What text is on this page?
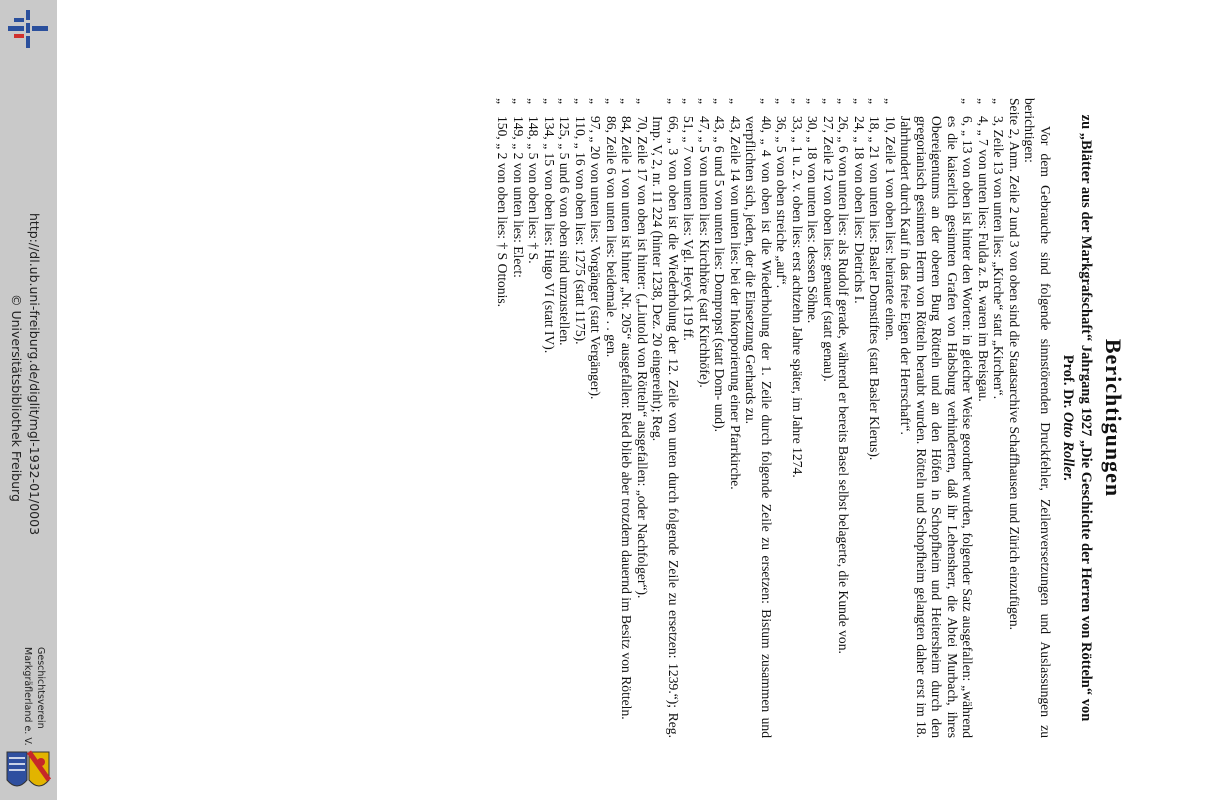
http://dl.ub.uni-freiburg.de/diglit/mgl-1932-01/0003
© Universitätsbibliothek Freiburg
Geschichtsverein
Markgräflerland e. V.
Berichtigungen
zu „Blätter aus der Markgrafschaft“ Jahrgang 1927 „Die Geschichte der Herren von Rötteln“ von Prof. Dr. Otto Roller.

Vor dem Gebrauche sind folgende sinnstörenden Druckfehler, Zeilenversetzungen und Auslassungen zu berichtigen:

Seite 2, Anm. Zeile 2 und 3 von oben sind die Staatsarchive Schaffhausen und Zürich einzufügen.

„
3, Zeile 13 von unten lies: „Kirche“ statt „Kirchen“.
„
4, „ 7 von unten lies: Fulda z. B. waren im Breisgau.
„
6, „ 13 von oben ist hinter den Worten: in gleicher Weise geordnet wurden, folgender Satz ausgefallen: „während es die kaiserlich gesinnten Grafen von Habsburg verhinderten, daß ihr Lehensherr, die Abtei Murbach, ihres Obereigentums an der oberen Burg Rötteln und an den Höfen in Schopfheim und Heitersheim durch den gregorianisch gesinnten Herrn von Rötteln beraubt wurden. Rötteln und Schopfheim gelangten daher erst im 18. Jahrhundert durch Kauf in das freie Eigen der Herrschaft“.
„
10, Zeile 1 von oben lies: heiratete einen.
„
18, „ 21 von unten lies: Basler Domstiftes (statt Basler Klerus).
„
24, „ 18 von oben lies: Dietrichs I.
„
26, „ 6 von unten lies: als Rudolf gerade, während er bereits Basel selbst belagerte, die Kunde von.
„
27, Zeile 12 von oben lies: genauer (statt genau).
„
30, „ 18 von unten lies: dessen Söhne.
„
33, „ 1 u. 2. v. oben lies: erst achtzehn Jahre später, im Jahre 1274.
„
36, „ 5 von oben streiche „auf“.
„
40, „ 4 von oben ist die Wiederholung der 1. Zeile durch folgende Zeile zu ersetzen: Bistum zusammen und verpflichten sich, jeden, der die Einsetzung Gerhards zu.
„
43, Zeile 14 von unten lies: bei der Inkorporierung einer Pfarrkirche.
„
43, „ 6 und 5 von unten lies: Dompropst (statt Dom- und).
„
47, „ 5 von unten lies: Kirchhöre (satt Kirchhöfe).
„
51, „ 7 von unten lies: Vgl. Heyck 119 ff.
„
66, „ 3 von oben ist die Wiederholung der 12. Zeile von unten durch folgende Zeile zu ersetzen: 1239.“); Reg. Imp. V, 2, nr. 11 224 (hinter 1238, Dez. 20 eingereiht); Reg.
„
70, Zeile 17 von oben ist hinter: („Liutold von Rötteln“ ausgefallen: „oder Nachfolger“).
„
84, Zeile 1 von unten ist hinter „Nr. 205“ ausgefallen: Ried blieb aber trotzdem dauernd im Besitz von Rötteln.
„
86, Zeile 6 von unten lies: beidemale . . gen.
„
97, „ 20 von unten lies: Vorgänger (statt Vergänger).
„
110, „ 16 von oben lies: 1275 (statt 1175).
„
125, „ 5 und 6 von oben sind umzustellen.
„
134, „ 15 von oben lies: Hugo VI (statt IV).
„
148, „ 5 von oben lies: † S.
„
149, „ 2 von unten lies: Elect:
„
150, „ 2 von oben lies: † S Ottonis.
